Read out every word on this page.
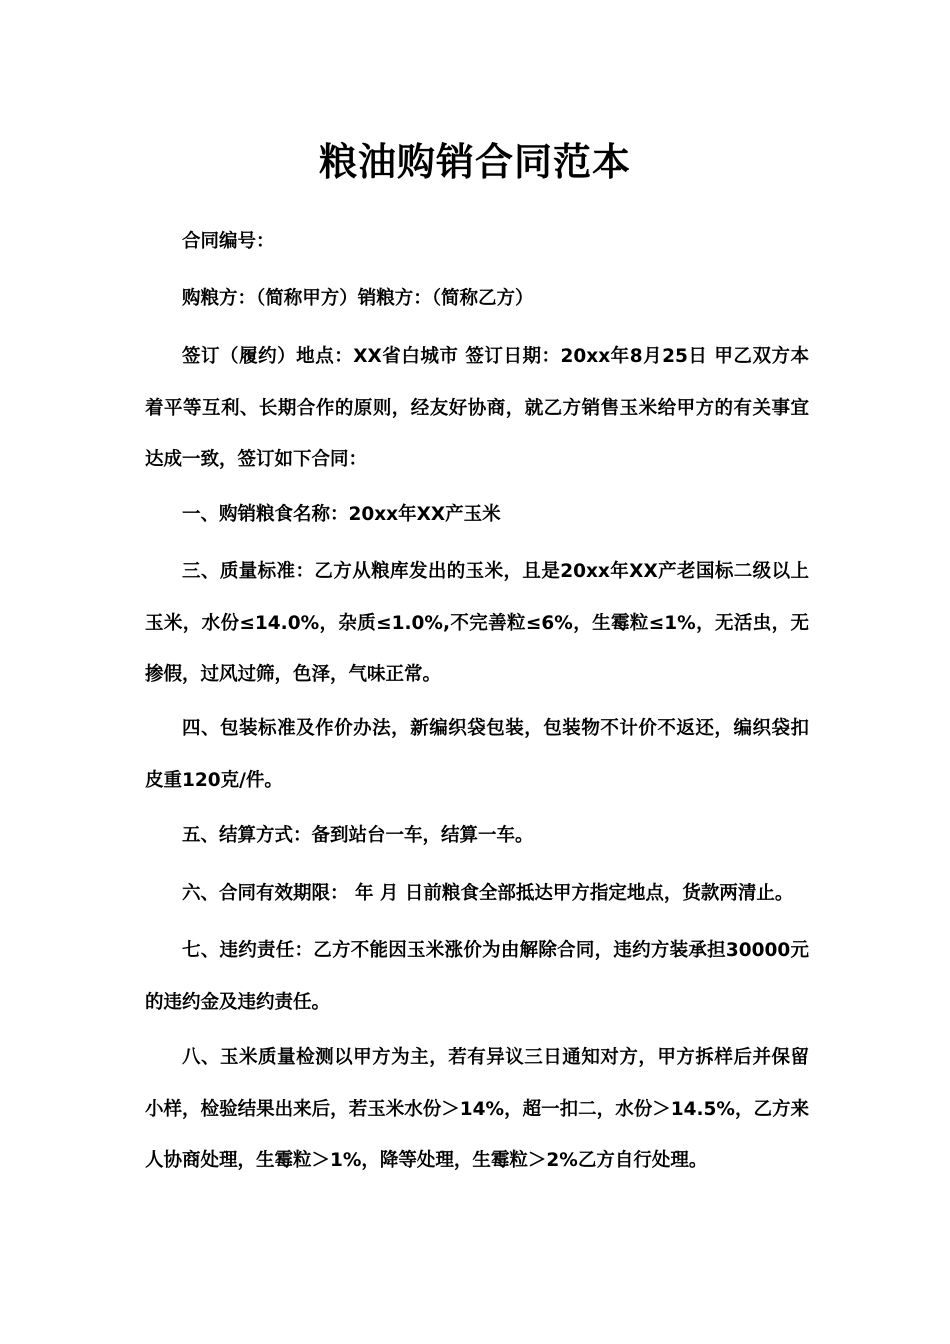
粮油购销合同范本

合同编号：

购粮方：（简称甲方）销粮方：（简称乙方）

签订（履约）地点：XX省白城市 签订日期：20xx年8月25日 甲乙双方本着平等互利、长期合作的原则，经友好协商，就乙方销售玉米给甲方的有关事宜达成一致，签订如下合同：

一、购销粮食名称：20xx年XX产玉米

三、质量标准：乙方从粮库发出的玉米，且是20xx年XX产老国标二级以上玉米，水份≤14.0%，杂质≤1.0%,不完善粒≤6%，生霉粒≤1%，无活虫，无掺假，过风过筛，色泽，气味正常。

四、包装标准及作价办法，新编织袋包装，包装物不计价不返还，编织袋扣皮重120克/件。

五、结算方式：备到站台一车，结算一车。

六、合同有效期限： 年 月 日前粮食全部抵达甲方指定地点，货款两清止。

七、违约责任：乙方不能因玉米涨价为由解除合同，违约方装承担30000元的违约金及违约责任。

八、玉米质量检测以甲方为主，若有异议三日通知对方，甲方拆样后并保留小样，检验结果出来后，若玉米水份＞14%，超一扣二，水份＞14.5%，乙方来人协商处理，生霉粒＞1%，降等处理，生霉粒＞2%乙方自行处理。
